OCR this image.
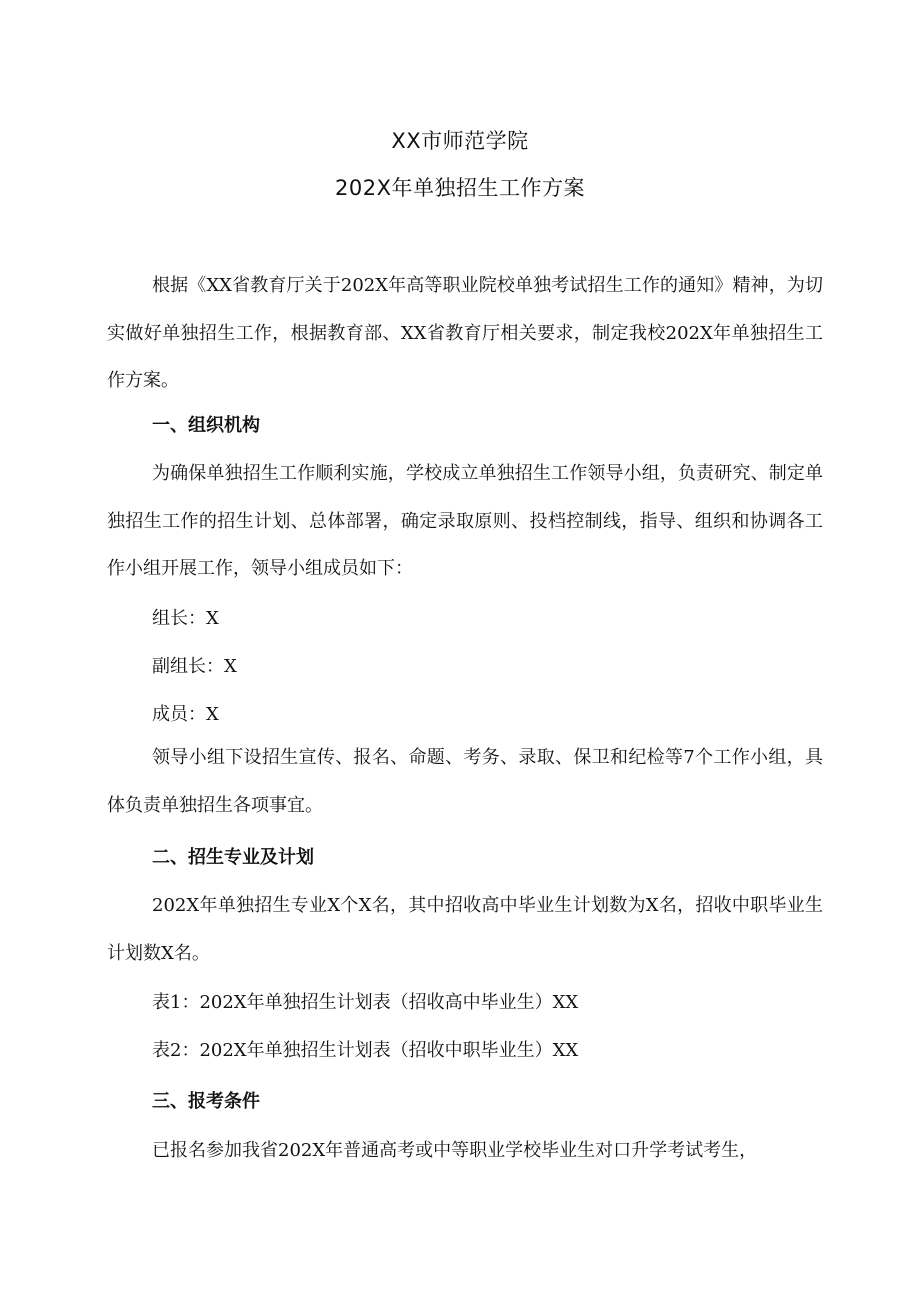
XX市师范学院
202X年单独招生工作方案
根据《XX省教育厅关于202X年高等职业院校单独考试招生工作的通知》精神，为切实做好单独招生工作，根据教育部、XX省教育厅相关要求，制定我校202X年单独招生工作方案。
一、组织机构
为确保单独招生工作顺利实施，学校成立单独招生工作领导小组，负责研究、制定单独招生工作的招生计划、总体部署，确定录取原则、投档控制线，指导、组织和协调各工作小组开展工作，领导小组成员如下：
组长：X
副组长：X
成员：X
领导小组下设招生宣传、报名、命题、考务、录取、保卫和纪检等7个工作小组，具体负责单独招生各项事宜。
二、招生专业及计划
202X年单独招生专业X个X名，其中招收高中毕业生计划数为X名，招收中职毕业生计划数X名。
表1：202X年单独招生计划表（招收高中毕业生）XX
表2：202X年单独招生计划表（招收中职毕业生）XX
三、报考条件
已报名参加我省202X年普通高考或中等职业学校毕业生对口升学考试考生，
